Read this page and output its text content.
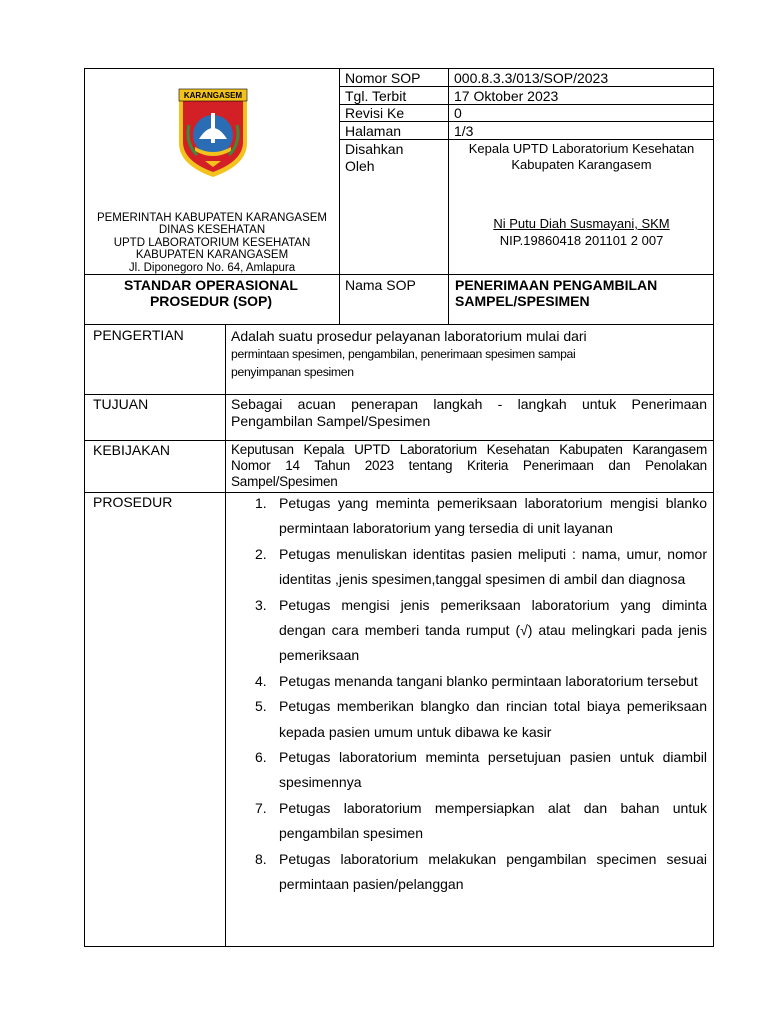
KARANGASEM
PEMERINTAH KABUPATEN KARANGASEM
DINAS KESEHATAN
UPTD LABORATORIUM KESEHATAN
KABUPATEN KARANGASEM
Jl. Diponegoro No. 64, Amlapura
Nomor SOP 000.8.3.3/013/SOP/2023
Tgl. Terbit	17 Oktober 2023
Revisi Ke	0
Halaman	1/3
Disahkan
Oleh
Kepala UPTD Laboratorium Kesehatan
Kabupaten Karangasem
Ni Putu Diah Susmayani, SKM
NIP.19860418 201101 2 007
STANDAR OPERASIONAL
PROSEDUR (SOP)
Nama SOP	PENERIMAAN PENGAMBILAN
SAMPEL/SPESIMEN
PENGERTIAN	Adalah suatu prosedur pelayanan laboratorium mulai dari
permintaan spesimen, pengambilan, penerimaan spesimen sampai
penyimpanan spesimen
TUJUAN	Sebagai acuan penerapan langkah - langkah untuk Penerimaan Pengambilan Sampel/Spesimen
KEBIJAKAN	Keputusan Kepala UPTD Laboratorium Kesehatan Kabupaten Karangasem Nomor 14 Tahun 2023 tentang Kriteria Penerimaan dan Penolakan Sampel/Spesimen
PROSEDUR	1. Petugas yang meminta pemeriksaan laboratorium mengisi blanko permintaan laboratorium yang tersedia di unit layanan
2. Petugas menuliskan identitas pasien meliputi : nama, umur, nomor identitas ,jenis spesimen,tanggal spesimen di ambil dan diagnosa
3. Petugas mengisi jenis pemeriksaan laboratorium yang diminta dengan cara memberi tanda rumput (√) atau melingkari pada jenis pemeriksaan
4. Petugas menanda tangani blanko permintaan laboratorium tersebut
5. Petugas memberikan blangko dan rincian total biaya pemeriksaan kepada pasien umum untuk dibawa ke kasir
6. Petugas laboratorium meminta persetujuan pasien untuk diambil spesimennya
7. Petugas laboratorium mempersiapkan alat dan bahan untuk pengambilan spesimen
8. Petugas laboratorium melakukan pengambilan specimen sesuai permintaan pasien/pelanggan
